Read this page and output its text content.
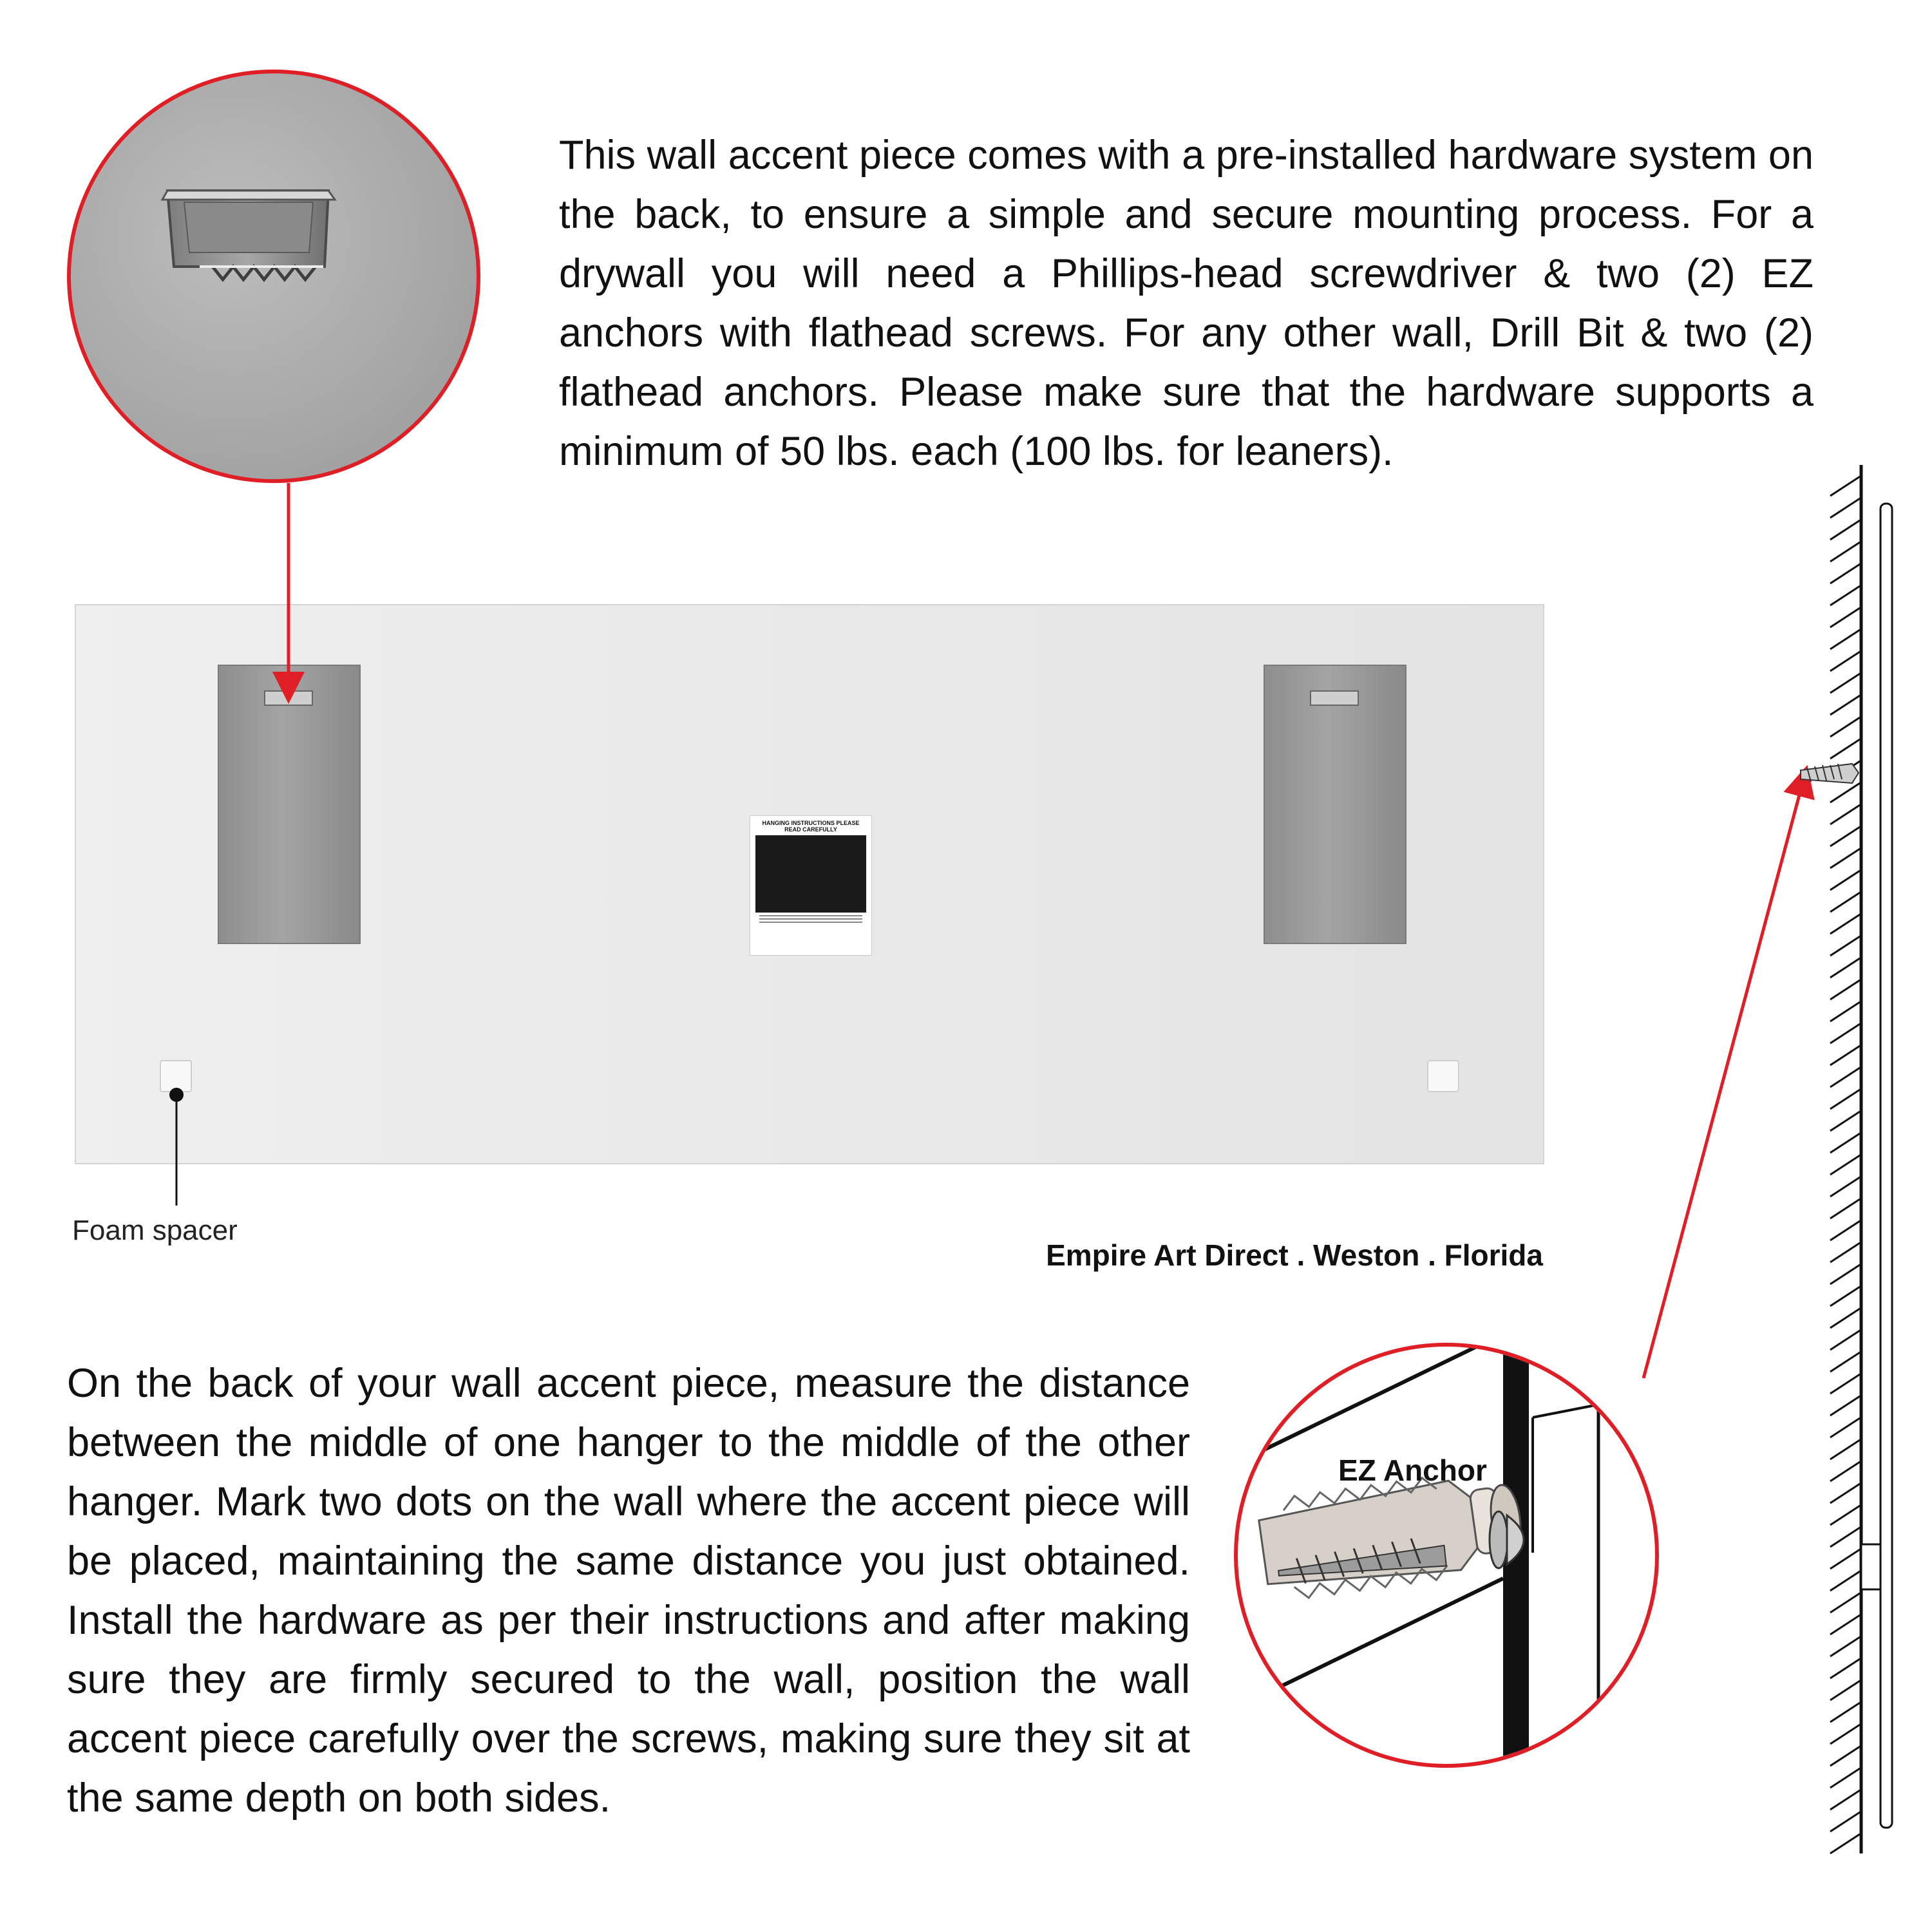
This wall accent piece comes with a pre-installed hardware system on the back, to ensure a simple and secure mounting process. For a drywall you will need a Phillips-head screwdriver & two (2) EZ anchors with flathead screws. For any other wall, Drill Bit & two (2) flathead anchors. Please make sure that the hardware supports a minimum of 50 lbs. each (100 lbs. for leaners).
HANGING INSTRUCTIONS PLEASE READ CAREFULLY
Foam spacer
Empire Art Direct . Weston . Florida
On the back of your wall accent piece, measure the distance between the middle of one hanger to the middle of the other hanger. Mark two dots on the wall where the accent piece will be placed, maintaining the same distance you just obtained. Install the hardware as per their instructions and after making sure they are firmly secured to the wall, position the wall accent piece carefully over the screws, making sure they sit at the same depth on both sides.
EZ Anchor
